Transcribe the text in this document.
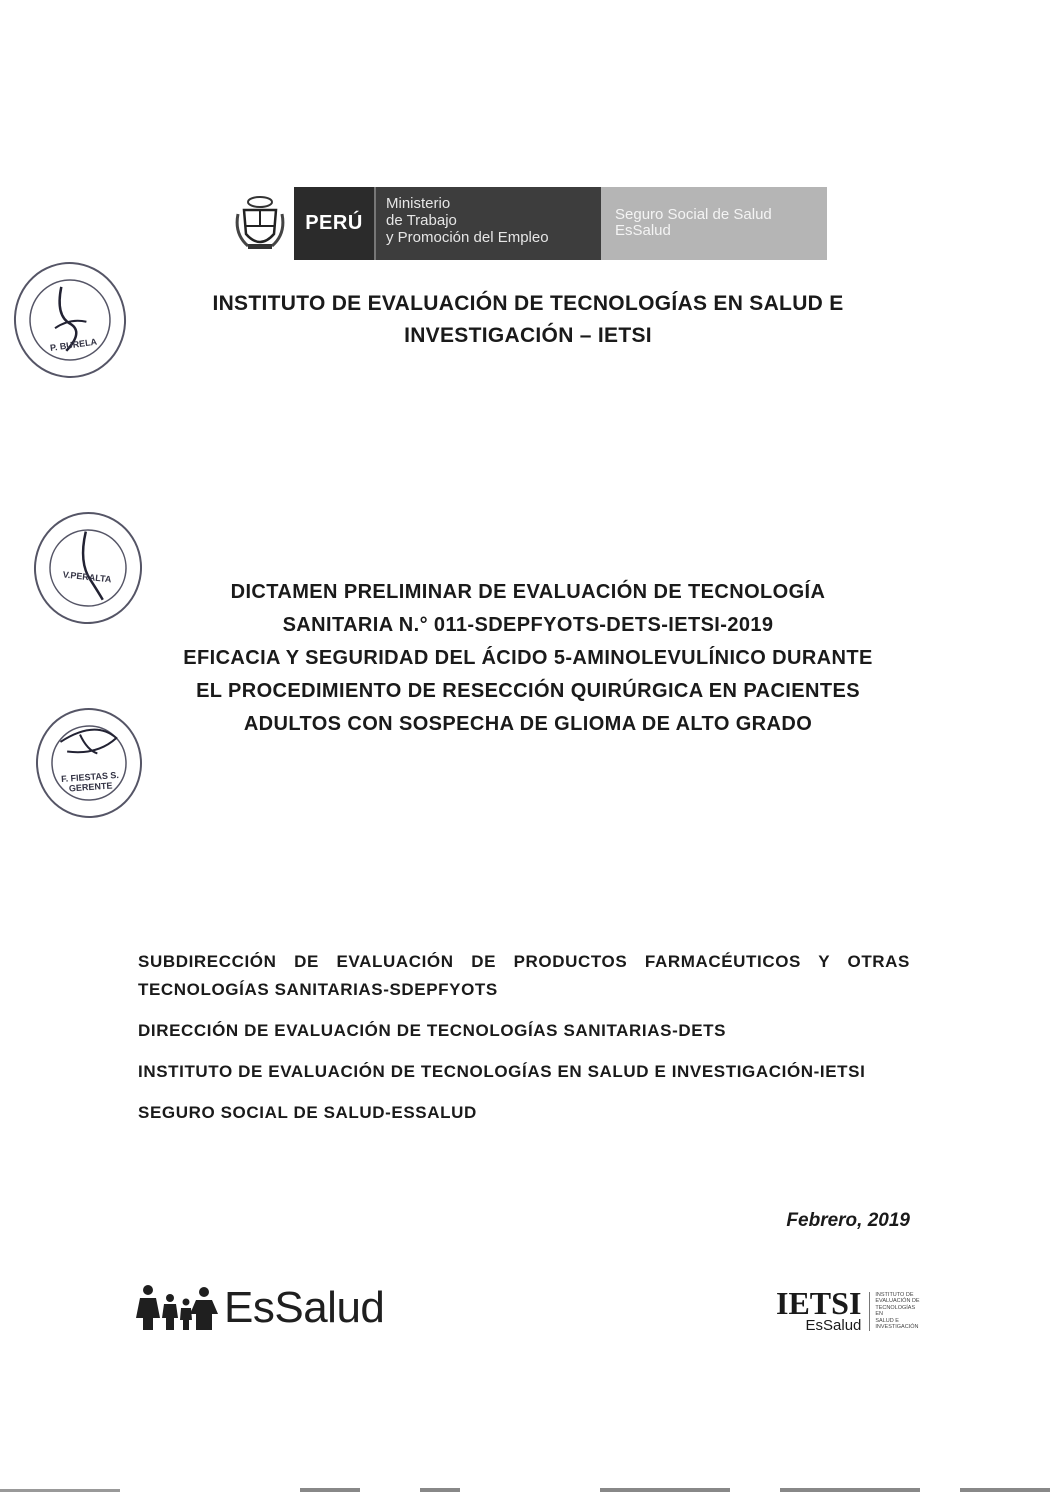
PERÚ
Ministerio
de Trabajo
y Promoción del Empleo
Seguro Social de Salud
EsSalud
P. BURELA
INSTITUTO DE EVALUACIÓN DE TECNOLOGÍAS EN SALUD E
INVESTIGACIÓN – IETSI
V.PERALTA
DICTAMEN PRELIMINAR DE EVALUACIÓN DE TECNOLOGÍA
SANITARIA N.° 011-SDEPFYOTS-DETS-IETSI-2019
EFICACIA Y SEGURIDAD DEL ÁCIDO 5-AMINOLEVULÍNICO DURANTE
EL PROCEDIMIENTO DE RESECCIÓN QUIRÚRGICA EN PACIENTES
ADULTOS CON SOSPECHA DE GLIOMA DE ALTO GRADO
F. FIESTAS S. GERENTE
SUBDIRECCIÓN DE EVALUACIÓN DE PRODUCTOS FARMACÉUTICOS Y OTRAS TECNOLOGÍAS SANITARIAS-SDEPFYOTS
DIRECCIÓN DE EVALUACIÓN DE TECNOLOGÍAS SANITARIAS-DETS
INSTITUTO DE EVALUACIÓN DE TECNOLOGÍAS EN SALUD E INVESTIGACIÓN-IETSI
SEGURO SOCIAL DE SALUD-ESSALUD
Febrero, 2019
EsSalud	IETSI
EsSalud
INSTITUTO DE
EVALUACIÓN DE
TECNOLOGÍAS EN
SALUD E
INVESTIGACIÓN
